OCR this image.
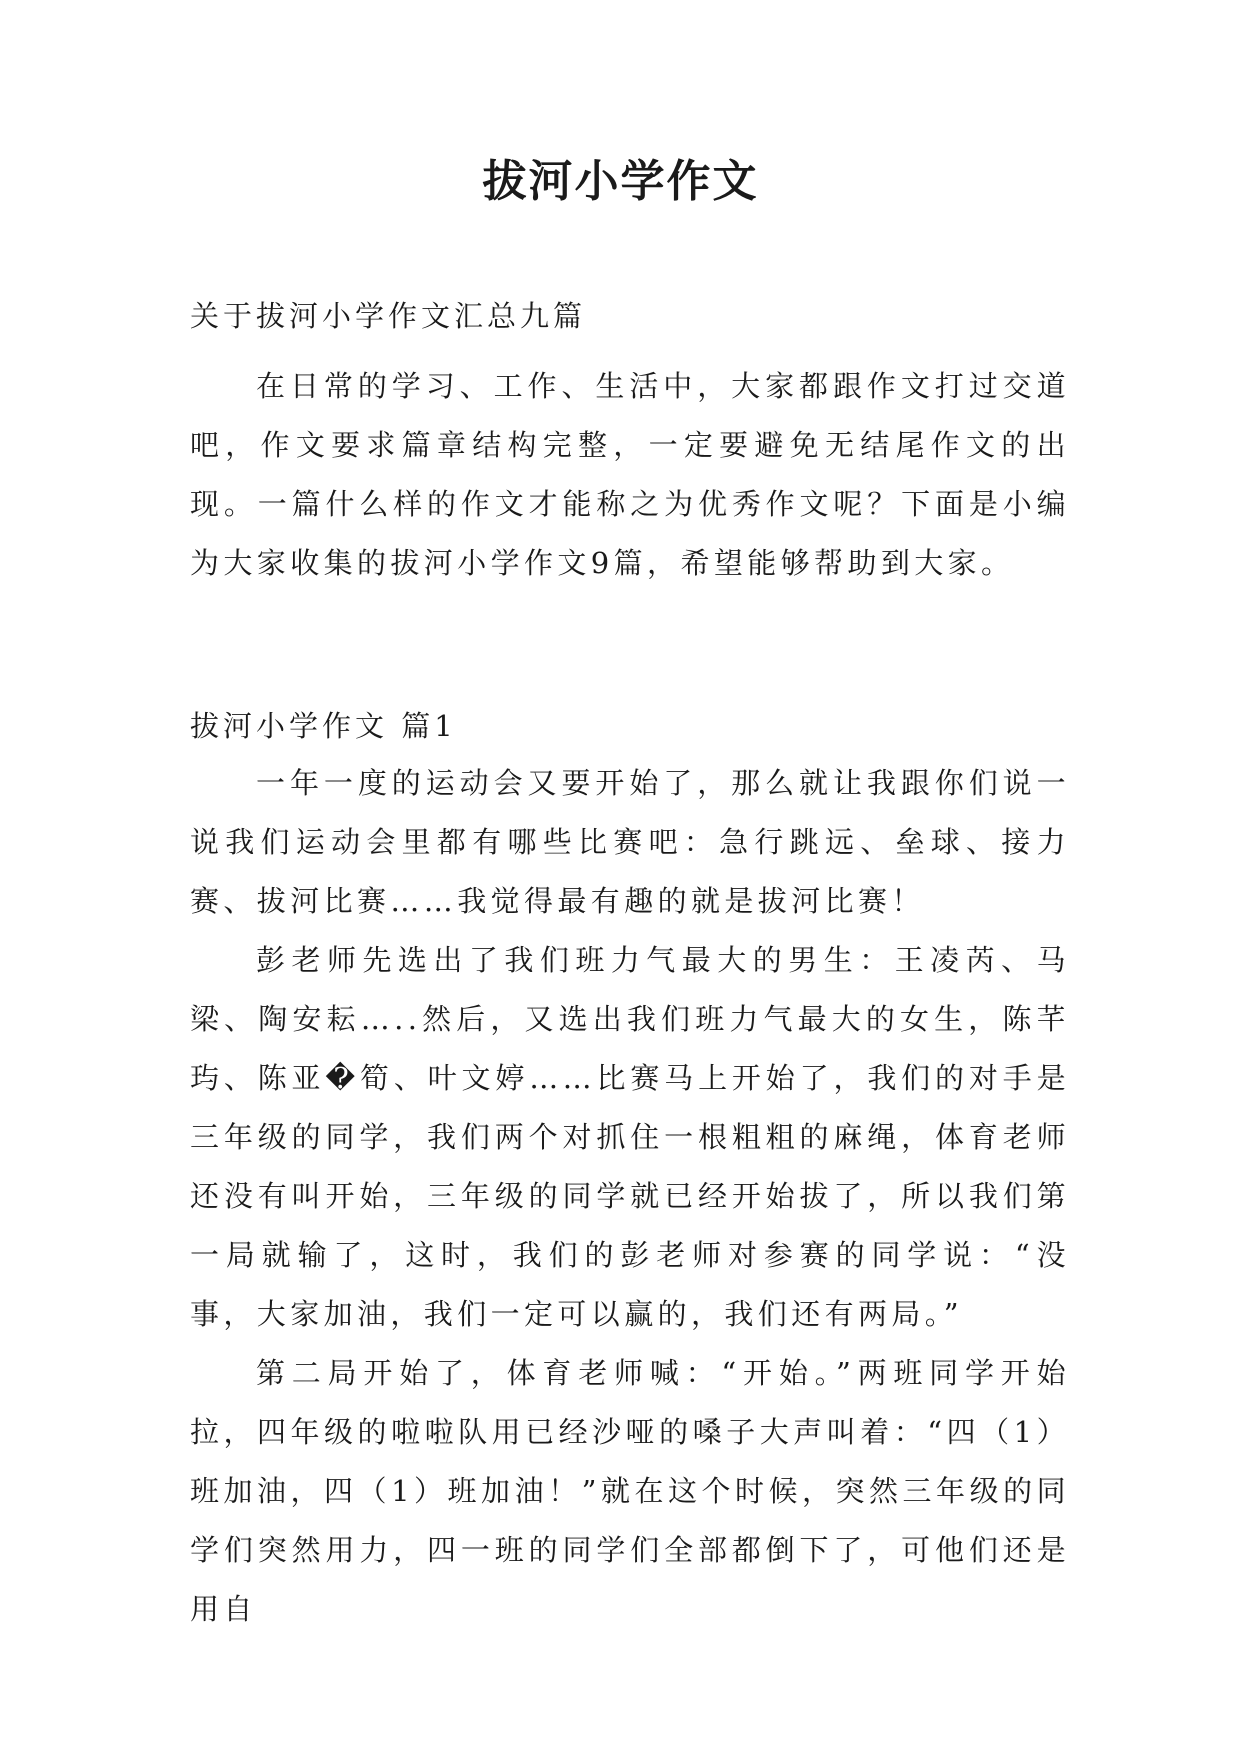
拔河小学作文

关于拔河小学作文汇总九篇

在日常的学习、工作、生活中，大家都跟作文打过交道吧，作文要求篇章结构完整，一定要避免无结尾作文的出现。一篇什么样的作文才能称之为优秀作文呢？下面是小编为大家收集的拔河小学作文9篇，希望能够帮助到大家。

拔河小学作文 篇1

一年一度的运动会又要开始了，那么就让我跟你们说一说我们运动会里都有哪些比赛吧：急行跳远、垒球、接力赛、拔河比赛……我觉得最有趣的就是拔河比赛！

彭老师先选出了我们班力气最大的男生：王凌芮、马梁、陶安耘…..然后，又选出我们班力气最大的女生，陈芊玙、陈亚�筍、叶文婷……比赛马上开始了，我们的对手是三年级的同学，我们两个对抓住一根粗粗的麻绳，体育老师还没有叫开始，三年级的同学就已经开始拔了，所以我们第一局就输了，这时，我们的彭老师对参赛的同学说：“没事，大家加油，我们一定可以赢的，我们还有两局。”

第二局开始了，体育老师喊：“开始。”两班同学开始拉，四年级的啦啦队用已经沙哑的嗓子大声叫着：“四（1）班加油，四（1）班加油！”就在这个时候，突然三年级的同学们突然用力，四一班的同学们全部都倒下了，可他们还是用自
